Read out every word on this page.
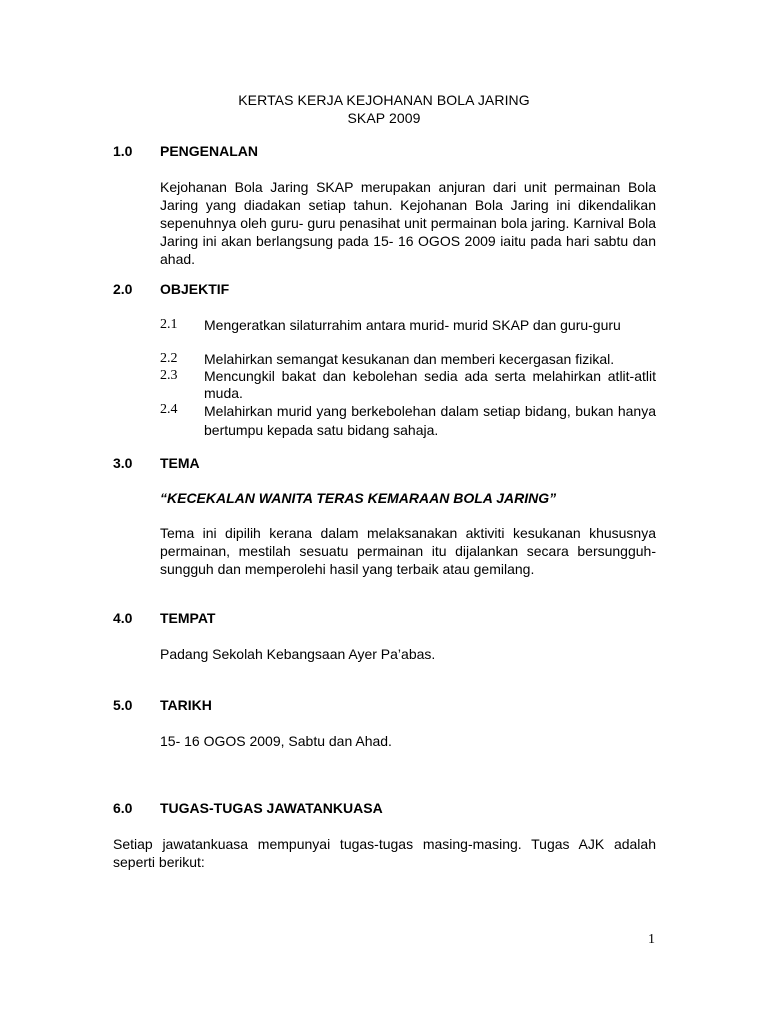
KERTAS KERJA KEJOHANAN BOLA JARING
SKAP 2009
1.0 PENGENALAN
Kejohanan Bola Jaring SKAP merupakan anjuran dari unit permainan Bola Jaring yang diadakan setiap tahun. Kejohanan Bola Jaring ini dikendalikan sepenuhnya oleh guru- guru penasihat unit permainan bola jaring. Karnival Bola Jaring ini akan berlangsung pada 15- 16 OGOS 2009 iaitu pada hari sabtu dan ahad.
2.0 OBJEKTIF
2.1 Mengeratkan silaturrahim antara murid- murid SKAP dan guru-guru
2.2 Melahirkan semangat kesukanan dan memberi kecergasan fizikal.
2.3 Mencungkil bakat dan kebolehan sedia ada serta melahirkan atlit-atlit muda.
2.4 Melahirkan murid yang berkebolehan dalam setiap bidang, bukan hanya bertumpu kepada satu bidang sahaja.
3.0 TEMA
“KECEKALAN WANITA TERAS KEMARAAN BOLA JARING”
Tema ini dipilih kerana dalam melaksanakan aktiviti kesukanan khususnya permainan, mestilah sesuatu permainan itu dijalankan secara bersungguh-sungguh dan memperolehi hasil yang terbaik atau gemilang.
4.0 TEMPAT
Padang Sekolah Kebangsaan Ayer Pa’abas.
5.0 TARIKH
15- 16 OGOS 2009, Sabtu dan Ahad.
6.0 TUGAS-TUGAS JAWATANKUASA
Setiap jawatankuasa mempunyai tugas-tugas masing-masing. Tugas AJK adalah seperti berikut:
1
